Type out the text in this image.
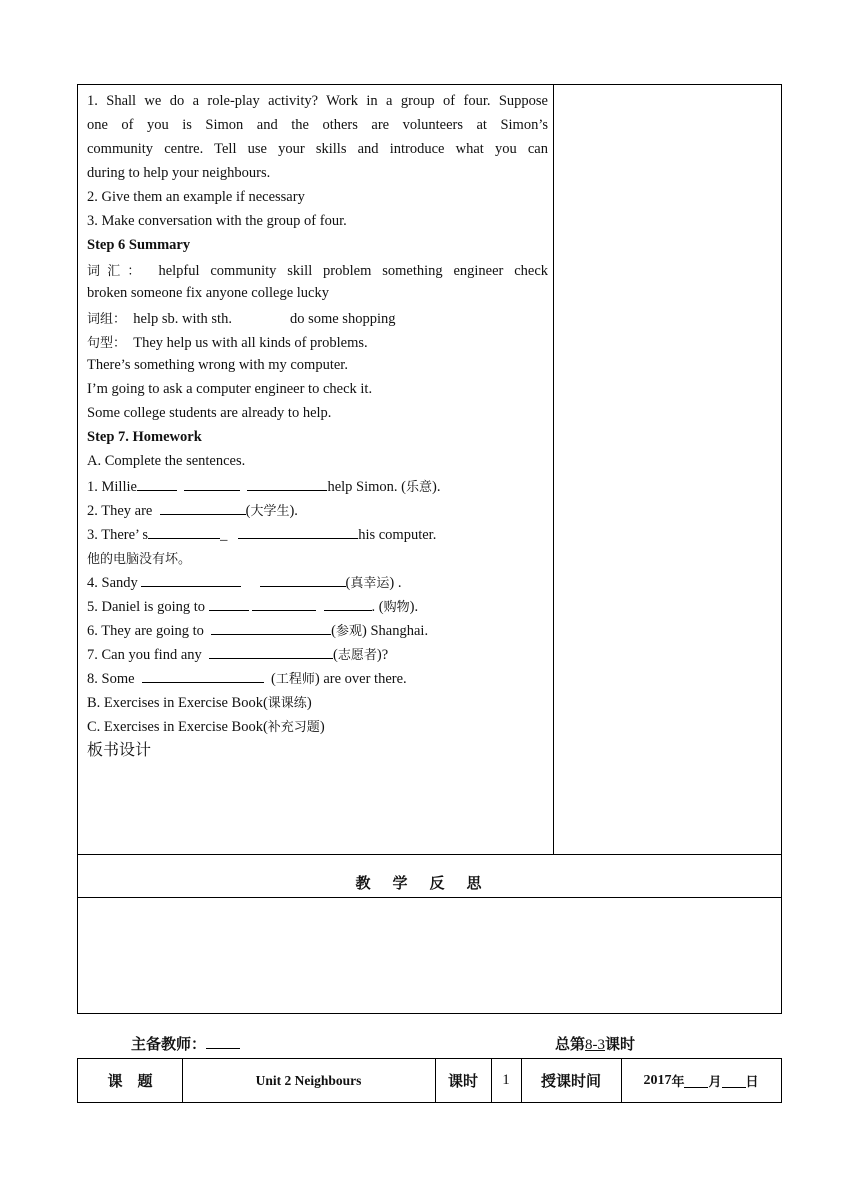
1. Shall we do a role-play activity? Work in a group of four. Suppose
one of you is Simon and the others are volunteers at Simon’s
community centre. Tell use your skills and introduce what you can
during to help your neighbours.
2. Give them an example if necessary
3. Make conversation with the group of four.
Step 6 Summary
词汇： helpful community skill problem something engineer check
broken someone fix anyone college lucky
词组： help sb. with sth.	do some shopping
句型： They help us with all kinds of problems.
There’s something wrong with my computer.
I’m going to ask a computer engineer to check it.
Some college students are already to help.
Step 7. Homework
A. Complete the sentences.
1. Millie	help Simon. (乐意).
2. They are	(大学生).
3. There’ s	_	his computer.
他的电脑没有坏。
4. Sandy	(真幸运) .
5. Daniel is going to	. (购物).
6. They are going to	(参观) Shanghai.
7. Can you find any	(志愿者)?
8. Some	(工程师) are over there.
B. Exercises in Exercise Book(课课练)
C. Exercises in Exercise Book(补充习题)
板书设计
教学反思
主备教师：	总第8-3课时
课　题	Unit 2 Neighbours	课时	1	授课时间	2017 年 月 日
